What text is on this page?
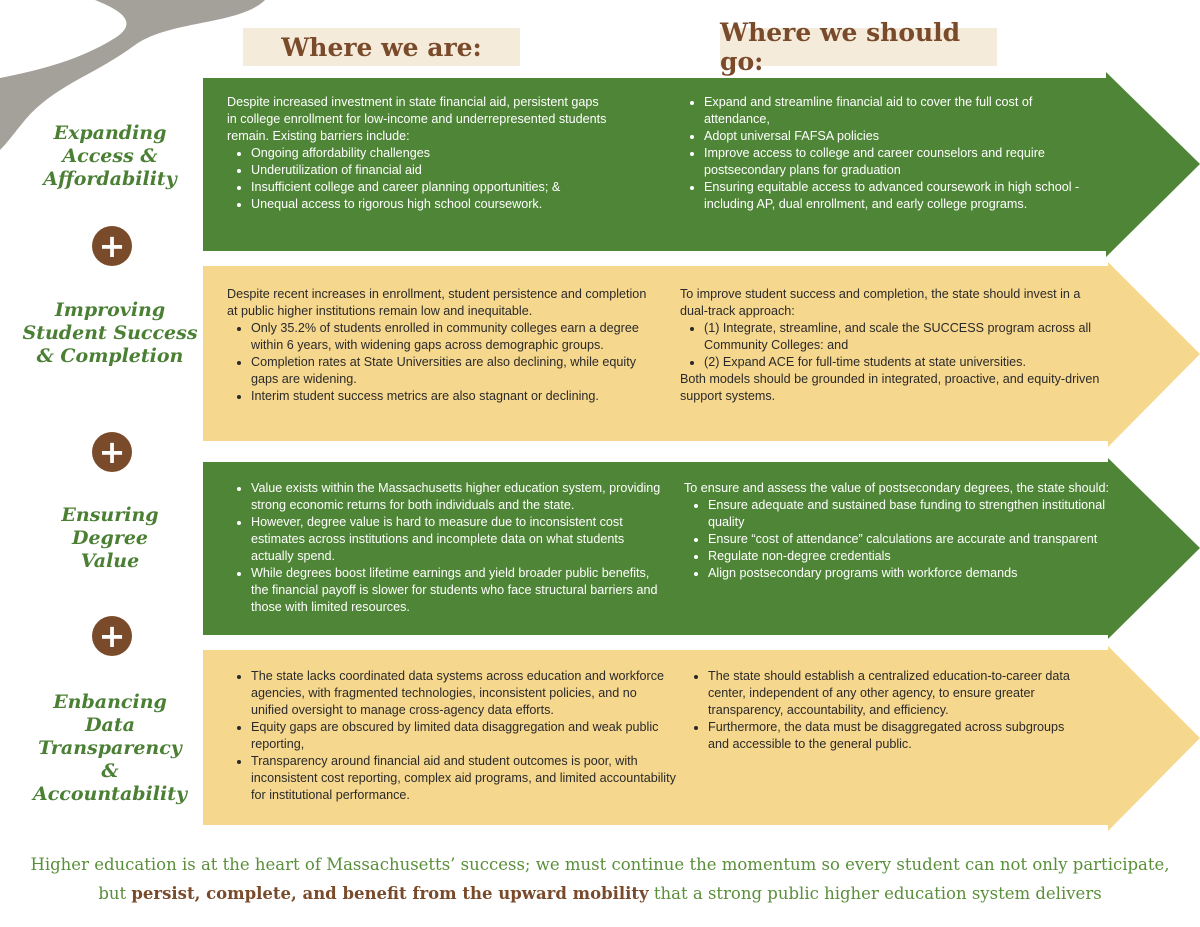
Where we are:	Where we should go:

Despite increased investment in state financial aid, persistent gaps in college enrollment for low-income and underrepresented students remain. Existing barriers include:

• Ongoing affordability challenges
• Underutilization of financial aid
• Insufficient college and career planning opportunities; &
• Unequal access to rigorous high school coursework.
• Expand and streamline financial aid to cover the full cost of attendance,
• Adopt universal FAFSA policies
• Improve access to college and career counselors and require postsecondary plans for graduation
• Ensuring equitable access to advanced coursework in high school - including AP, dual enrollment, and early college programs.
Expanding
Access &
Affordability
+

Despite recent increases in enrollment, student persistence and completion at public higher institutions remain low and inequitable.

• Only 35.2% of students enrolled in community colleges earn a degree within 6 years, with widening gaps across demographic groups.
• Completion rates at State Universities are also declining, while equity gaps are widening.
• Interim student success metrics are also stagnant or declining.

To improve student success and completion, the state should invest in a dual-track approach:

• (1) Integrate, streamline, and scale the SUCCESS program across all Community Colleges: and
• (2) Expand ACE for full-time students at state universities.

Both models should be grounded in integrated, proactive, and equity-driven support systems.

Improving
Student Success
& Completion
+
• Value exists within the Massachusetts higher education system, providing strong economic returns for both individuals and the state.
• However, degree value is hard to measure due to inconsistent cost estimates across institutions and incomplete data on what students actually spend.
• While degrees boost lifetime earnings and yield broader public benefits, the financial payoff is slower for students who face structural barriers and those with limited resources.

To ensure and assess the value of postsecondary degrees, the state should:

• Ensure adequate and sustained base funding to strengthen institutional quality
• Ensure “cost of attendance” calculations are accurate and transparent
• Regulate non-degree credentials
• Align postsecondary programs with workforce demands
Ensuring
Degree
Value
+
• The state lacks coordinated data systems across education and workforce agencies, with fragmented technologies, inconsistent policies, and no unified oversight to manage cross-agency data efforts.
• Equity gaps are obscured by limited data disaggregation and weak public reporting,
• Transparency around financial aid and student outcomes is poor, with inconsistent cost reporting, complex aid programs, and limited accountability for institutional performance.
• The state should establish a centralized education-to-career data center, independent of any other agency, to ensure greater transparency, accountability, and efficiency.
• Furthermore, the data must be disaggregated across subgroups and accessible to the general public.
Enbancing
Data
Transparency
&
Accountability
Higher education is at the heart of Massachusetts’ success; we must continue the momentum so every student can not only participate, but persist, complete, and benefit from the upward mobility that a strong public higher education system delivers
